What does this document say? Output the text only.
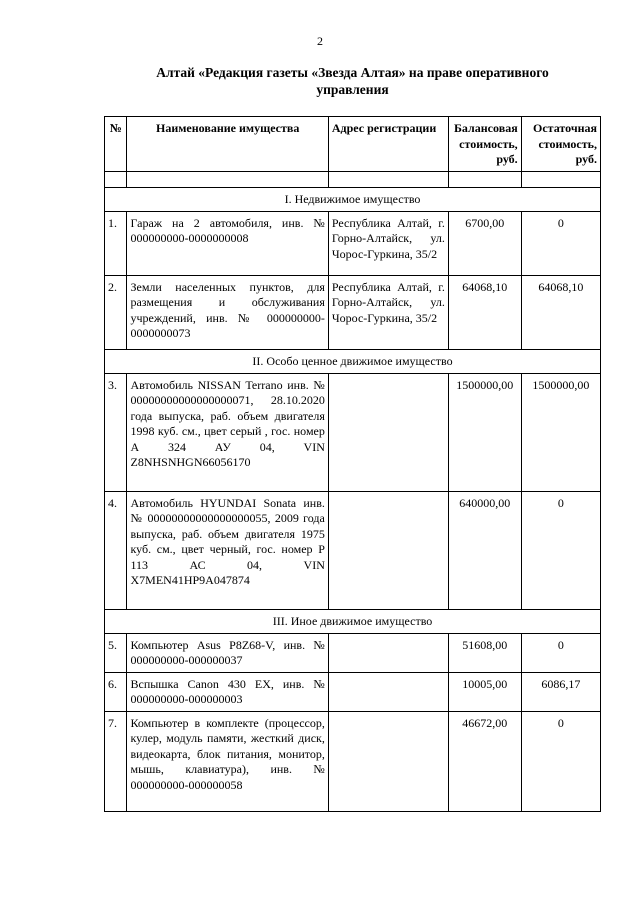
2
Алтай «Редакция газеты «Звезда Алтая» на праве оперативного
управления
№	Наименование имущества	Адрес регистрации	Балансовая стоимость, руб.	Остаточная стоимость, руб.

I. Недвижимое имущество				
1.	Гараж на 2 автомобиля, инв. № 000000000-0000000008	Республика Алтай, г. Горно-Алтайск, ул. Чорос-Гуркина, 35/2	6700,00	0
2.	Земли населенных пунктов, для размещения и обслуживания учреждений, инв. № 000000000-0000000073	Республика Алтай, г. Горно-Алтайск, ул. Чорос-Гуркина, 35/2	64068,10	64068,10
II. Особо ценное движимое имущество				
3.	Автомобиль NISSAN Terrano инв. № 00000000000000000071, 28.10.2020 года выпуска, раб. объем двигателя 1998 куб. см., цвет серый , гос. номер А 324 АУ 04, VIN Z8NHSNHGN66056170		1500000,00	1500000,00
4.	Автомобиль HYUNDAI Sonata инв. № 00000000000000000055, 2009 года выпуска, раб. объем двигателя 1975 куб. см., цвет черный, гос. номер Р 113 АС 04, VIN X7MEN41HP9A047874		640000,00	0
III. Иное движимое имущество				
5.	Компьютер Asus P8Z68-V, инв. № 000000000-000000037		51608,00	0
6.	Вспышка Canon 430 EX, инв. № 000000000-000000003		10005,00	6086,17
7.	Компьютер в комплекте (процессор, кулер, модуль памяти, жесткий диск, видеокарта, блок питания, монитор, мышь, клавиатура), инв. № 000000000-000000058		46672,00	0
